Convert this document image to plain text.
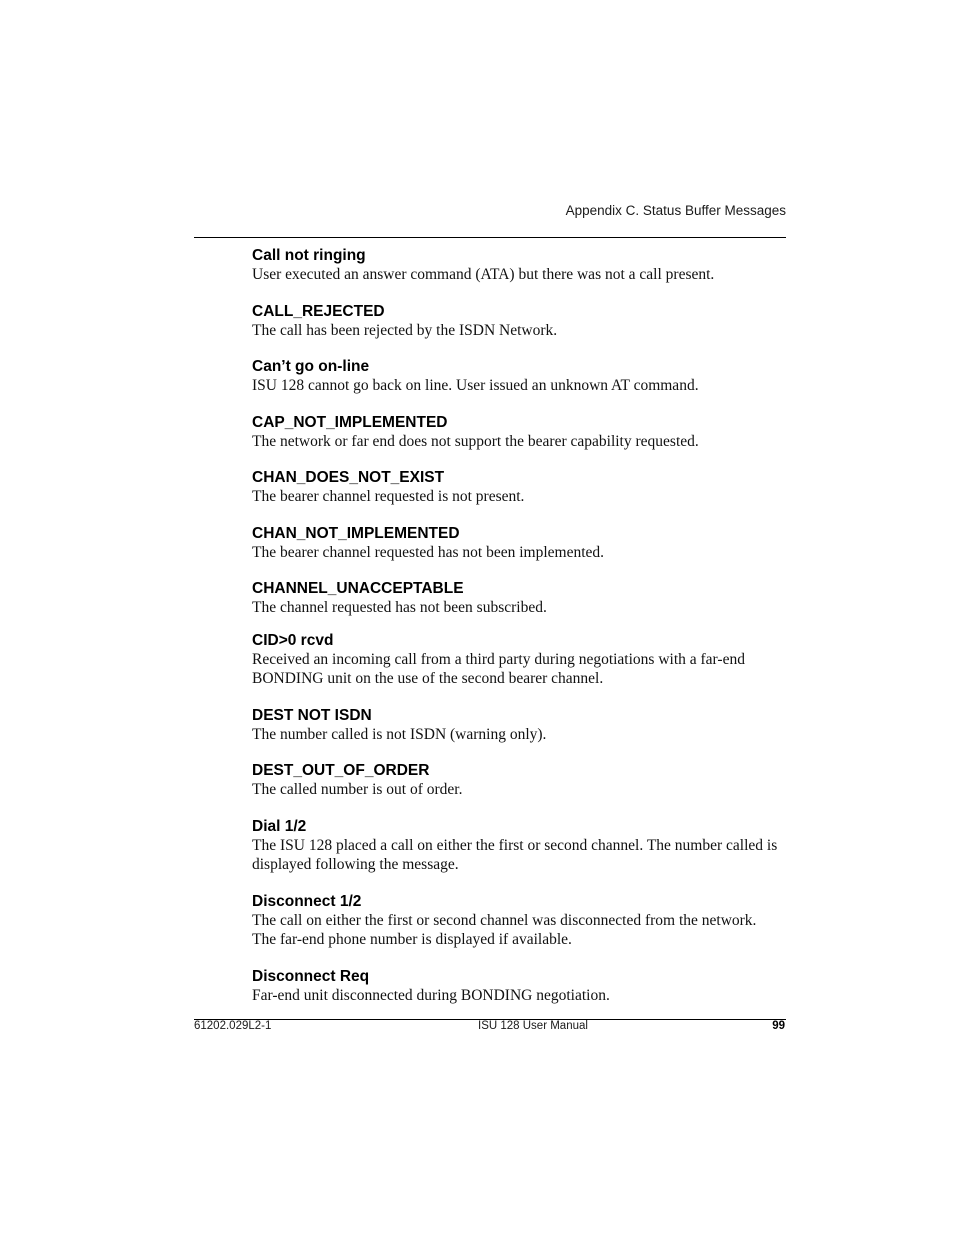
Appendix C. Status Buffer Messages
Call not ringing
User executed an answer command (ATA) but there was not a call present.
CALL_REJECTED
The call has been rejected by the ISDN Network.
Can’t go on-line
ISU 128 cannot go back on line. User issued an unknown AT command.
CAP_NOT_IMPLEMENTED
The network or far end does not support the bearer capability requested.
CHAN_DOES_NOT_EXIST
The bearer channel requested is not present.
CHAN_NOT_IMPLEMENTED
The bearer channel requested has not been implemented.
CHANNEL_UNACCEPTABLE
The channel requested has not been subscribed.
CID>0 rcvd
Received an incoming call from a third party during negotiations with a far-end BONDING unit on the use of the second bearer channel.
DEST NOT ISDN
The number called is not ISDN (warning only).
DEST_OUT_OF_ORDER
The called number is out of order.
Dial 1/2
The ISU 128 placed a call on either the first or second channel. The number called is displayed following the message.
Disconnect 1/2
The call on either the first or second channel was disconnected from the network. The far-end phone number is displayed if available.
Disconnect Req
Far-end unit disconnected during BONDING negotiation.
61202.029L2-1	ISU 128 User Manual	99
